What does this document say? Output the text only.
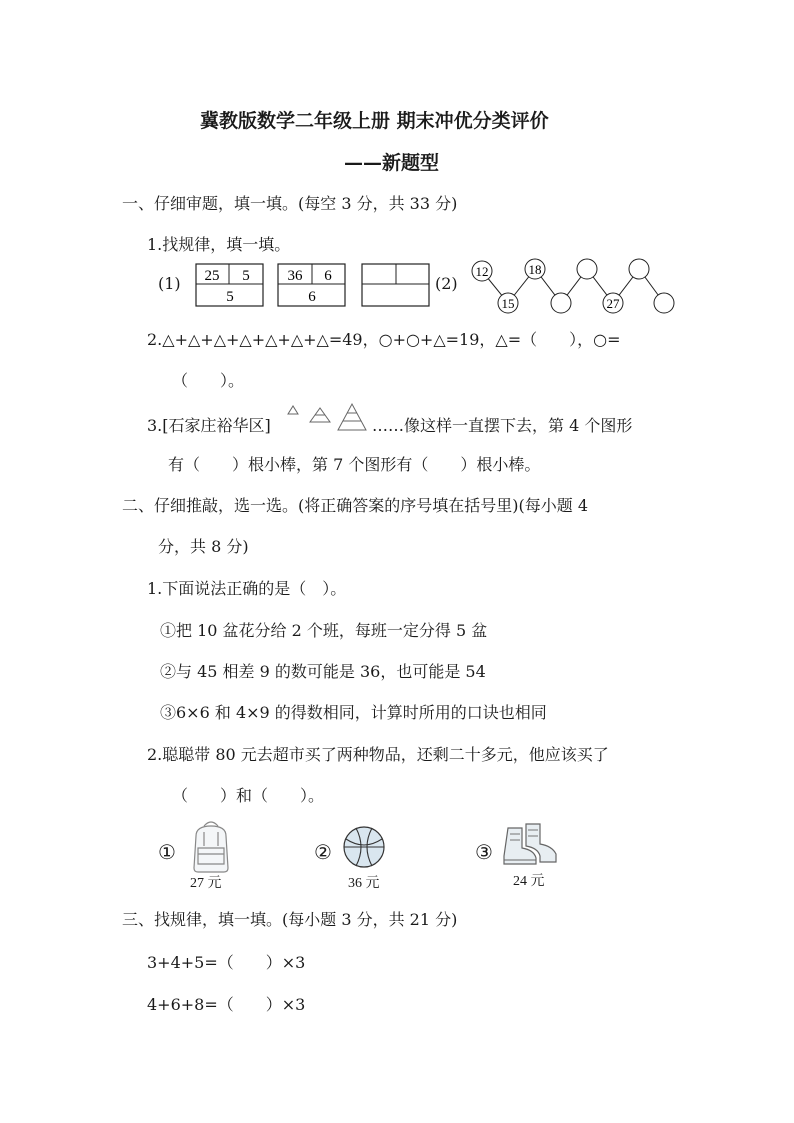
冀教版数学二年级上册 期末冲优分类评价
——新题型
一、仔细审题，填一填。(每空 3 分，共 33 分)
1.找规律，填一填。
(1) 25 5
5
36 6
6
(2)
12
15
18
27
2.△+△+△+△+△+△+△=49，○+○+△=19，△=（　　），○=
（　　）。
3.[石家庄裕华区]	……像这样一直摆下去，第 4 个图形
有（　　）根小棒，第 7 个图形有（　　）根小棒。
二、仔细推敲，选一选。(将正确答案的序号填在括号里)(每小题 4
分，共 8 分)
1.下面说法正确的是（　）。
①把 10 盆花分给 2 个班，每班一定分得 5 盆
②与 45 相差 9 的数可能是 36，也可能是 54
③6×6 和 4×9 的得数相同，计算时所用的口诀也相同
2.聪聪带 80 元去超市买了两种物品，还剩二十多元，他应该买了
（　　）和（　　）。
①
27 元
②
36 元
③
24 元
三、找规律，填一填。(每小题 3 分，共 21 分)
3+4+5=（　　）×3
4+6+8=（　　）×3
